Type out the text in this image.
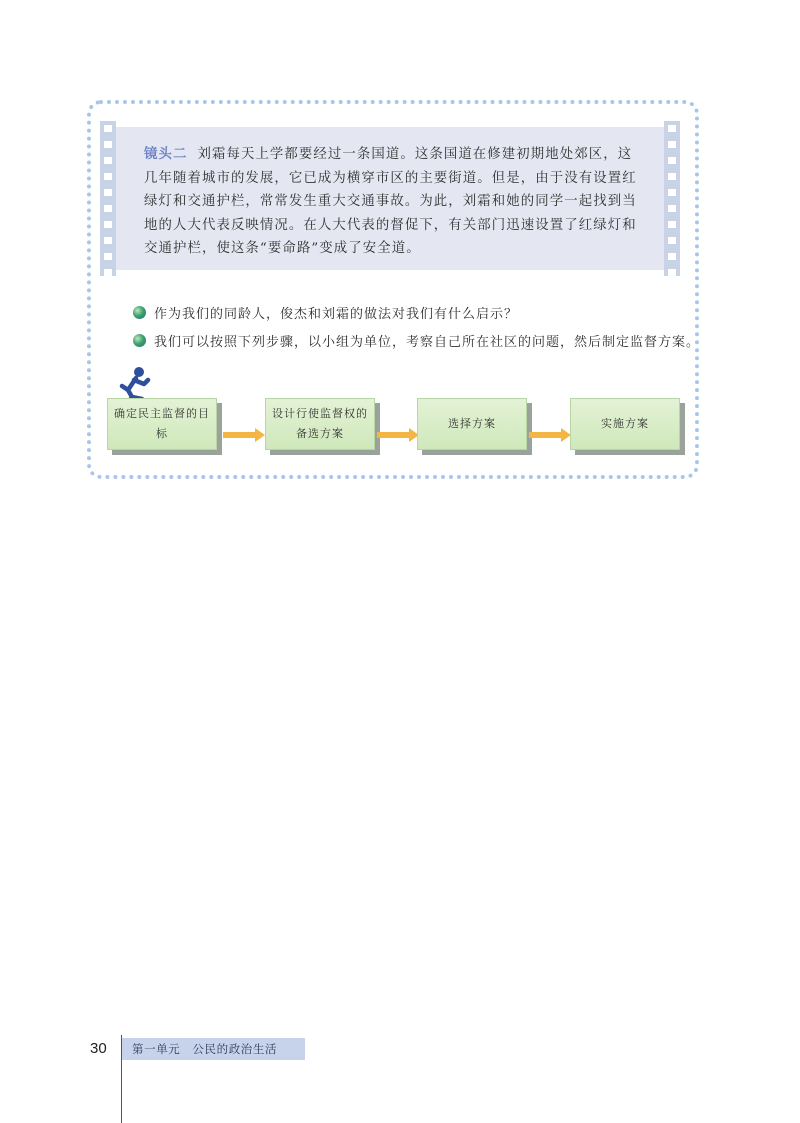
镜头二 刘霜每天上学都要经过一条国道。这条国道在修建初期地处郊区，这几年随着城市的发展，它已成为横穿市区的主要街道。但是，由于没有设置红绿灯和交通护栏，常常发生重大交通事故。为此，刘霜和她的同学一起找到当地的人大代表反映情况。在人大代表的督促下，有关部门迅速设置了红绿灯和交通护栏，使这条“要命路”变成了安全道。

作为我们的同龄人，俊杰和刘霜的做法对我们有什么启示？
我们可以按照下列步骤，以小组为单位，考察自己所在社区的问题，然后制定监督方案。
确定民主监督的目标
设计行使监督权的备选方案
选择方案	实施方案
30	第一单元 公民的政治生活
